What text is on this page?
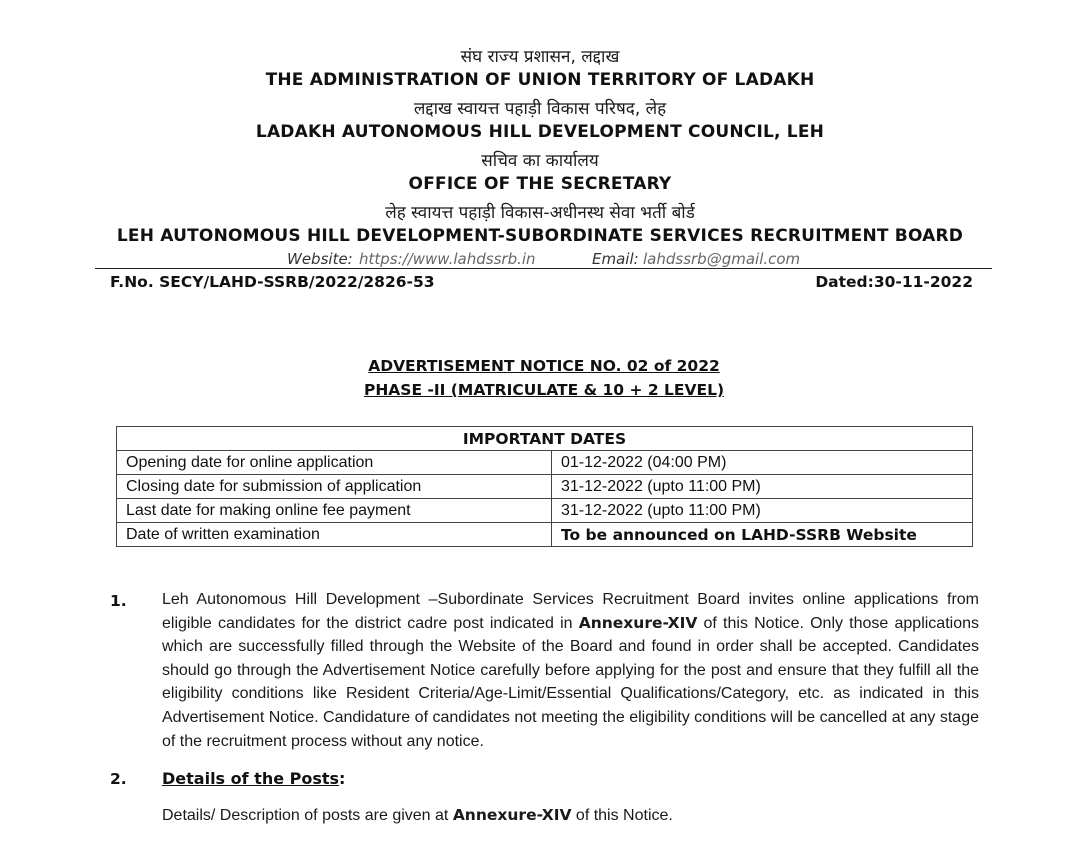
संघ राज्य प्रशासन, लद्दाख
THE ADMINISTRATION OF UNION TERRITORY OF LADAKH
लद्दाख स्वायत्त पहाड़ी विकास परिषद, लेह
LADAKH AUTONOMOUS HILL DEVELOPMENT COUNCIL, LEH
सचिव का कार्यालय
OFFICE OF THE SECRETARY
लेह स्वायत्त पहाड़ी विकास-अधीनस्थ सेवा भर्ती बोर्ड
LEH AUTONOMOUS HILL DEVELOPMENT-SUBORDINATE SERVICES RECRUITMENT BOARD
Website: https://www.lahdssrb.in	Email: lahdssrb@gmail.com
F.No. SECY/LAHD-SSRB/2022/2826-53	Dated:30-11-2022
ADVERTISEMENT NOTICE NO. 02 of 2022
PHASE -II (MATRICULATE & 10 + 2 LEVEL)
IMPORTANT DATES	
Opening date for online application	01-12-2022 (04:00 PM)
Closing date for submission of application	31-12-2022 (upto 11:00 PM)
Last date for making online fee payment	31-12-2022 (upto 11:00 PM)
Date of written examination	To be announced on LAHD-SSRB Website
1. Leh Autonomous Hill Development –Subordinate Services Recruitment Board invites online applications from eligible candidates for the district cadre post indicated in Annexure-XIV of this Notice. Only those applications which are successfully filled through the Website of the Board and found in order shall be accepted. Candidates should go through the Advertisement Notice carefully before applying for the post and ensure that they fulfill all the eligibility conditions like Resident Criteria/Age-Limit/Essential Qualifications/Category, etc. as indicated in this Advertisement Notice. Candidature of candidates not meeting the eligibility conditions will be cancelled at any stage of the recruitment process without any notice.
2. Details of the Posts:
Details/ Description of posts are given at Annexure-XIV of this Notice.
